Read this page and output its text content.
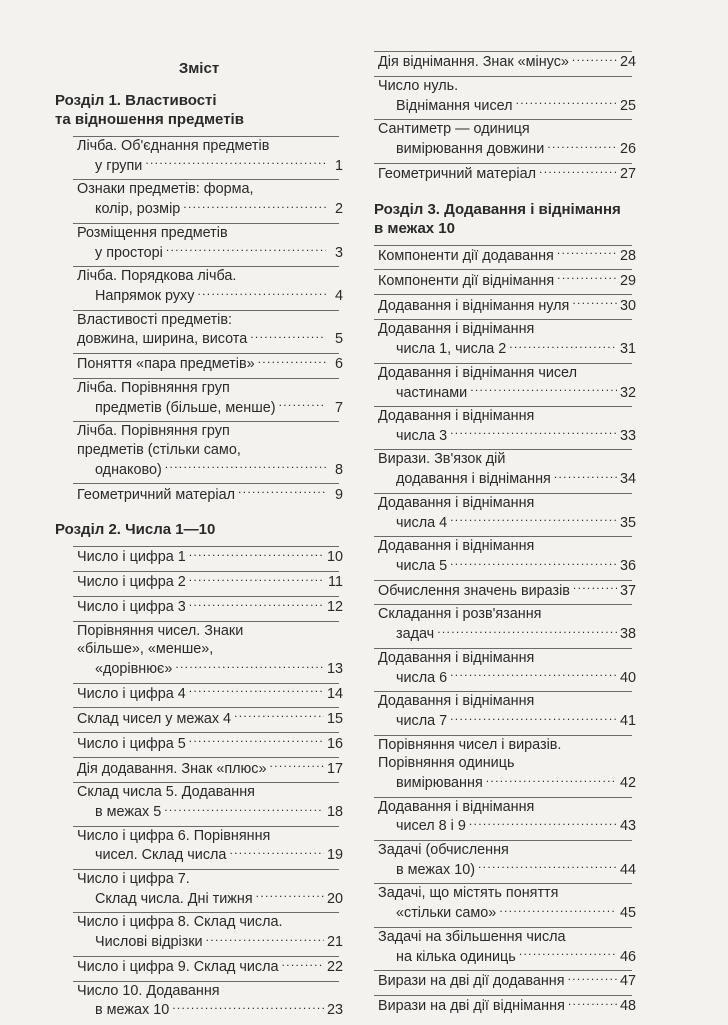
Зміст
Розділ 1. Властивості
та відношення предметів
Лічба. Об'єднання предметів
у групи . . .	1
Ознаки предметів: форма,
колір, розмір . . .	2
Розміщення предметів
у просторі . . .	3
Лічба. Порядкова лічба.
Напрямок руху . . .	4
Властивості предметів:
довжина, ширина, висота . . .	5
Поняття «пара предметів» . . .	6
Лічба. Порівняння груп
предметів (більше, менше) . . .	7
Лічба. Порівняння груп
предметів (стільки само,
однаково) . . .	8
Геометричний матеріал . . .	9
Розділ 2. Числа 1—10
Число і цифра 1 . . .	10
Число і цифра 2 . . .	11
Число і цифра 3 . . .	12
Порівняння чисел. Знаки
«більше», «менше»,
«дорівнює» . . .	13
Число і цифра 4 . . .	14
Склад чисел у межах 4 . . .	15
Число і цифра 5 . . .	16
Дія додавання. Знак «плюс» . . .	17
Склад числа 5. Додавання
в межах 5 . . .	18
Число і цифра 6. Порівняння
чисел. Склад числа . . .	19
Число і цифра 7.
Склад числа. Дні тижня . . .	20
Число і цифра 8. Склад числа.
Числові відрізки . . .	21
Число і цифра 9. Склад числа . . .	22
Число 10. Додавання
в межах 10 . . .	23
Дія віднімання. Знак «мінус» . . .	24
Число нуль.
Віднімання чисел . . .	25
Сантиметр — одиниця
вимірювання довжини . . .	26
Геометричний матеріал . . .	27
Розділ 3. Додавання і віднімання
в межах 10
Компоненти дії додавання . . .	28
Компоненти дії віднімання . . .	29
Додавання і віднімання нуля . . .	30
Додавання і віднімання
числа 1, числа 2 . . .	31
Додавання і віднімання чисел
частинами . . .	32
Додавання і віднімання
числа 3 . . .	33
Вирази. Зв'язок дій
додавання і віднімання . . .	34
Додавання і віднімання
числа 4 . . .	35
Додавання і віднімання
числа 5 . . .	36
Обчислення значень виразів . . .	37
Складання і розв'язання
задач . . .	38
Додавання і віднімання
числа 6 . . .	40
Додавання і віднімання
числа 7 . . .	41
Порівняння чисел і виразів.
Порівняння одиниць
вимірювання . . .	42
Додавання і віднімання
чисел 8 і 9 . . .	43
Задачі (обчислення
в межах 10) . . .	44
Задачі, що містять поняття
«стільки само» . . .	45
Задачі на збільшення числа
на кілька одиниць . . .	46
Вирази на дві дії додавання . . .	47
Вирази на дві дії віднімання . . .	48
